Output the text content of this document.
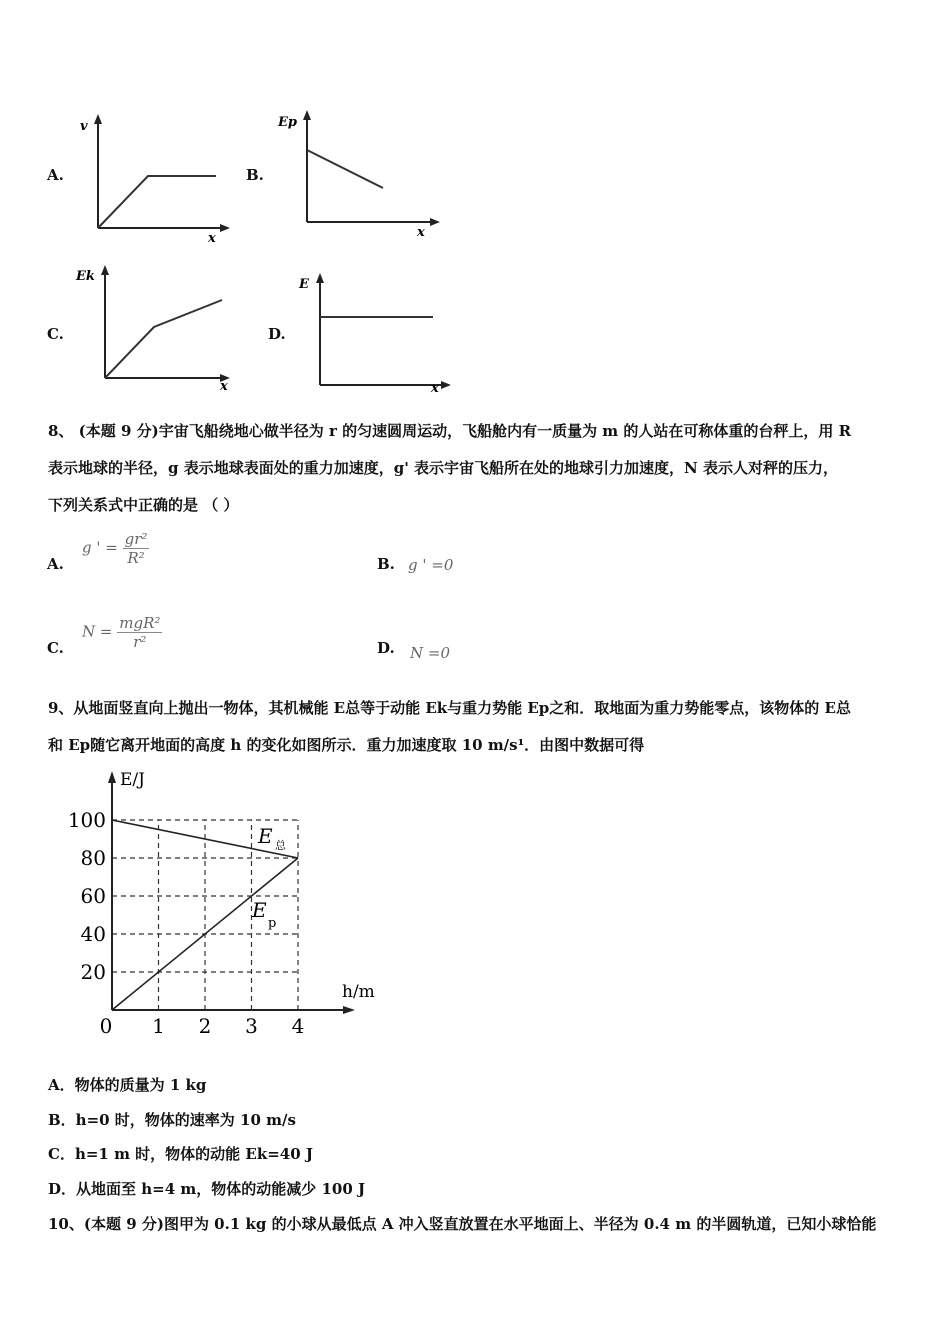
A.
v
x
B.
Ep
x
C.
Ek
x
D.
E
x
8、 (本题 9 分)宇宙飞船绕地心做半径为 r 的匀速圆周运动，飞船舱内有一质量为 m 的人站在可称体重的台秤上，用 R
表示地球的半径，g 表示地球表面处的重力加速度，g' 表示宇宙飞船所在处的地球引力加速度，N 表示人对秤的压力，
下列关系式中正确的是 （ ）
A.
g ' = $\frac{\text{gr²}}{\text{R²}}$	B. g ' =0
C.
$N = \frac{\text{mgR²}}{\text{r²}}$	D. N =0
9、从地面竖直向上抛出一物体，其机械能 E总等于动能 Ek与重力势能 Ep之和．取地面为重力势能零点，该物体的 E总
和 Ep随它离开地面的高度 h 的变化如图所示．重力加速度取 10 m/s¹．由图中数据可得
20
40
60
80
100
0 1 2 3 4
E/J
h/m
E 总
E
p
A．物体的质量为 1 kg
B．h=0 时，物体的速率为 10 m/s
C．h=1 m 时，物体的动能 Ek=40 J
D．从地面至 h=4 m，物体的动能减少 100 J
10、(本题 9 分)图甲为 0.1 kg 的小球从最低点 A 冲入竖直放置在水平地面上、半径为 0.4 m 的半圆轨道，已知小球恰能
